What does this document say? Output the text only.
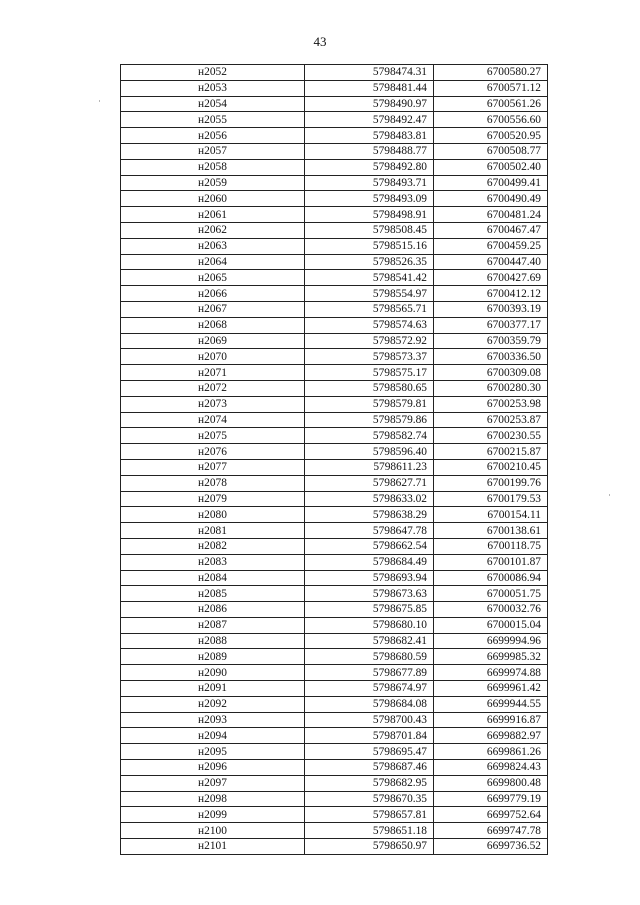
43
н2052	5798474.31	6700580.27
н2053	5798481.44	6700571.12
н2054	5798490.97	6700561.26
н2055	5798492.47	6700556.60
н2056	5798483.81	6700520.95
н2057	5798488.77	6700508.77
н2058	5798492.80	6700502.40
н2059	5798493.71	6700499.41
н2060	5798493.09	6700490.49
н2061	5798498.91	6700481.24
н2062	5798508.45	6700467.47
н2063	5798515.16	6700459.25
н2064	5798526.35	6700447.40
н2065	5798541.42	6700427.69
н2066	5798554.97	6700412.12
н2067	5798565.71	6700393.19
н2068	5798574.63	6700377.17
н2069	5798572.92	6700359.79
н2070	5798573.37	6700336.50
н2071	5798575.17	6700309.08
н2072	5798580.65	6700280.30
н2073	5798579.81	6700253.98
н2074	5798579.86	6700253.87
н2075	5798582.74	6700230.55
н2076	5798596.40	6700215.87
н2077	5798611.23	6700210.45
н2078	5798627.71	6700199.76
н2079	5798633.02	6700179.53
н2080	5798638.29	6700154.11
н2081	5798647.78	6700138.61
н2082	5798662.54	6700118.75
н2083	5798684.49	6700101.87
н2084	5798693.94	6700086.94
н2085	5798673.63	6700051.75
н2086	5798675.85	6700032.76
н2087	5798680.10	6700015.04
н2088	5798682.41	6699994.96
н2089	5798680.59	6699985.32
н2090	5798677.89	6699974.88
н2091	5798674.97	6699961.42
н2092	5798684.08	6699944.55
н2093	5798700.43	6699916.87
н2094	5798701.84	6699882.97
н2095	5798695.47	6699861.26
н2096	5798687.46	6699824.43
н2097	5798682.95	6699800.48
н2098	5798670.35	6699779.19
н2099	5798657.81	6699752.64
н2100	5798651.18	6699747.78
н2101	5798650.97	6699736.52
